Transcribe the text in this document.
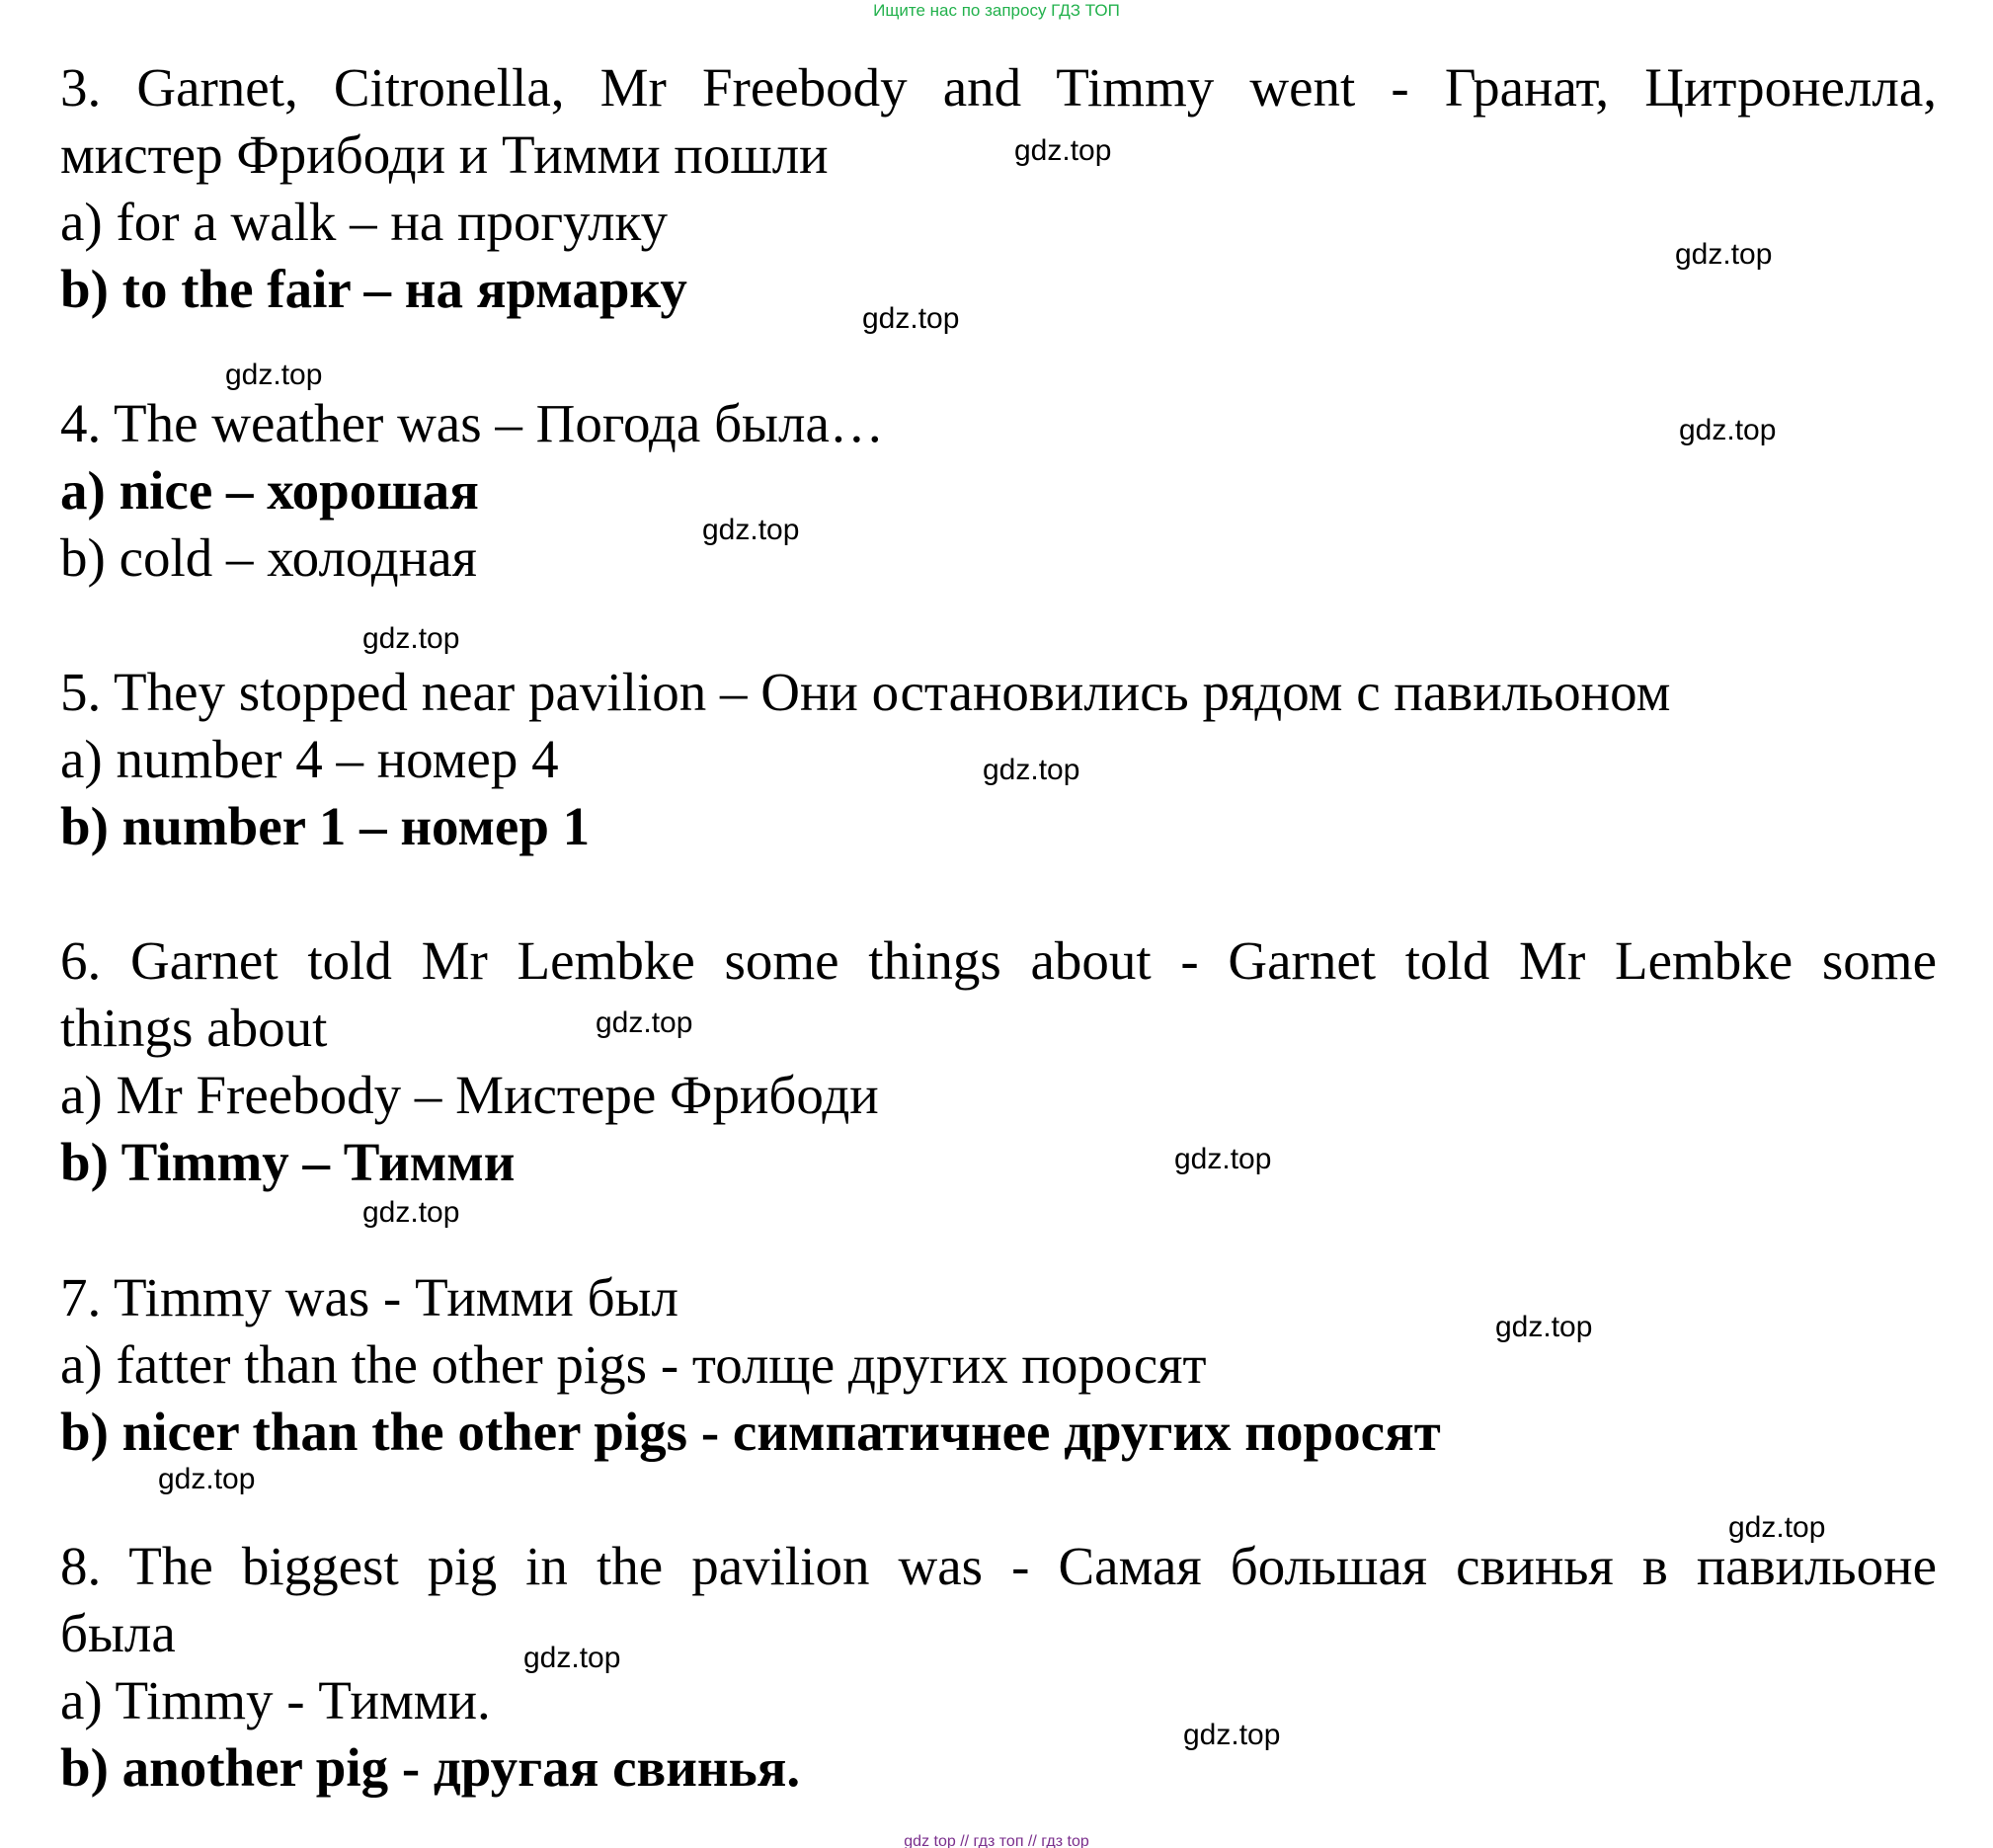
Ищите нас по запросу ГДЗ ТОП
3. Garnet, Citronella, Mr Freebody and Timmy went - Гранат, Цитронелла,
мистер Фрибоди и Тимми пошли
a) for a walk – на прогулку
b) to the fair – на ярмарку
4. The weather was – Погода была…
a) nice – хорошая
b) cold – холодная
5. They stopped near pavilion – Они остановились рядом с павильоном
a) number 4 – номер 4
b) number 1 – номер 1
6. Garnet told Mr Lembke some things about - Garnet told Mr Lembke some
things about
a) Mr Freebody – Мистере Фрибоди
b) Timmy – Тимми
7. Timmy was - Тимми был
a) fatter than the other pigs - толще других поросят
b) nicer than the other pigs - симпатичнее других поросят
8. The biggest pig in the pavilion was - Самая большая свинья в павильоне
была
a) Timmy - Тимми.
b) another pig - другая свинья.
gdz.top
gdz.top
gdz.top
gdz.top
gdz.top
gdz.top
gdz.top
gdz.top
gdz.top
gdz.top
gdz.top
gdz.top
gdz.top
gdz.top
gdz.top
gdz.top
gdz top // гдз топ // гдз top
